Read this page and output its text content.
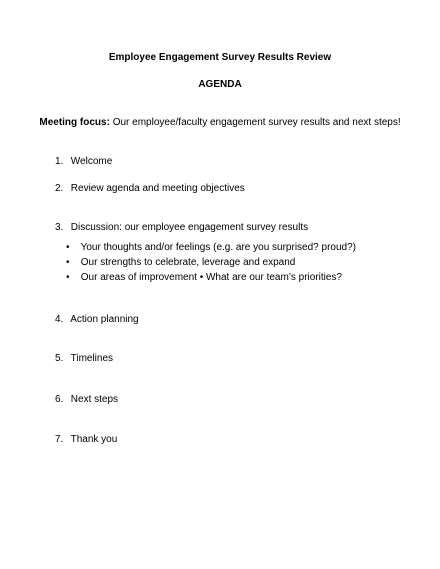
Employee Engagement Survey Results Review
AGENDA
Meeting focus: Our employee/faculty engagement survey results and next steps!
1. Welcome
2. Review agenda and meeting objectives
3. Discussion: our employee engagement survey results
• Your thoughts and/or feelings (e.g. are you surprised? proud?)
• Our strengths to celebrate, leverage and expand
• Our areas of improvement • What are our team’s priorities?
4. Action planning
5. Timelines
6. Next steps
7. Thank you
